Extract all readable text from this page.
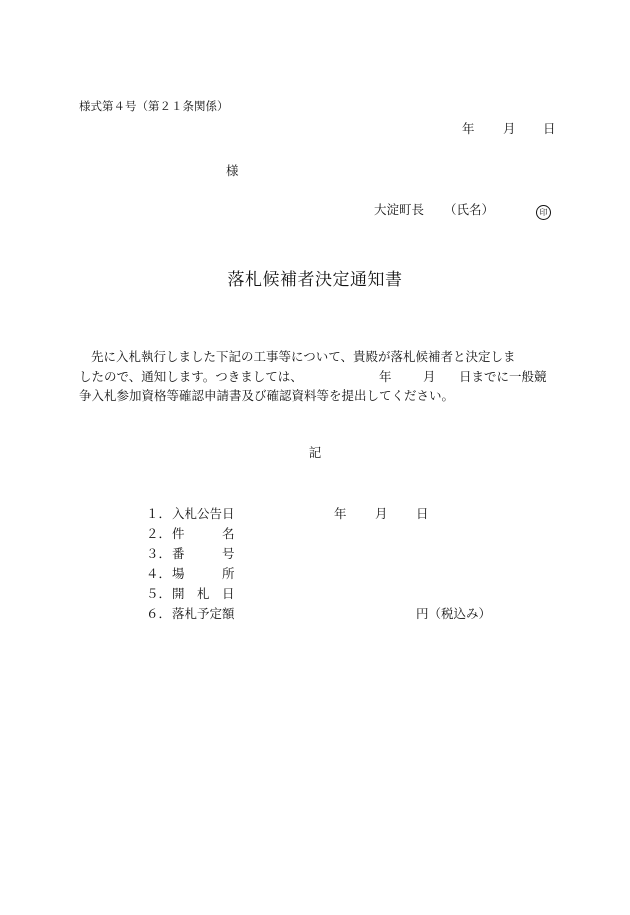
様式第４号（第２１条関係）
年 月 日
様
大淀町長 （氏名）	印
落札候補者決定通知書
先に入札執行しました下記の工事等について、貴殿が落札候補者と決定しま
したので、通知します。つきましては、	年	月 日までに一般競
争入札参加資格等確認申請書及び確認資料等を提出してください。
記
１． 入札公告日	年 月 日
２． 件　　　名
３． 番　　　号
４． 場　　　所
５． 開　札　日
６． 落札予定額	円（税込み）
